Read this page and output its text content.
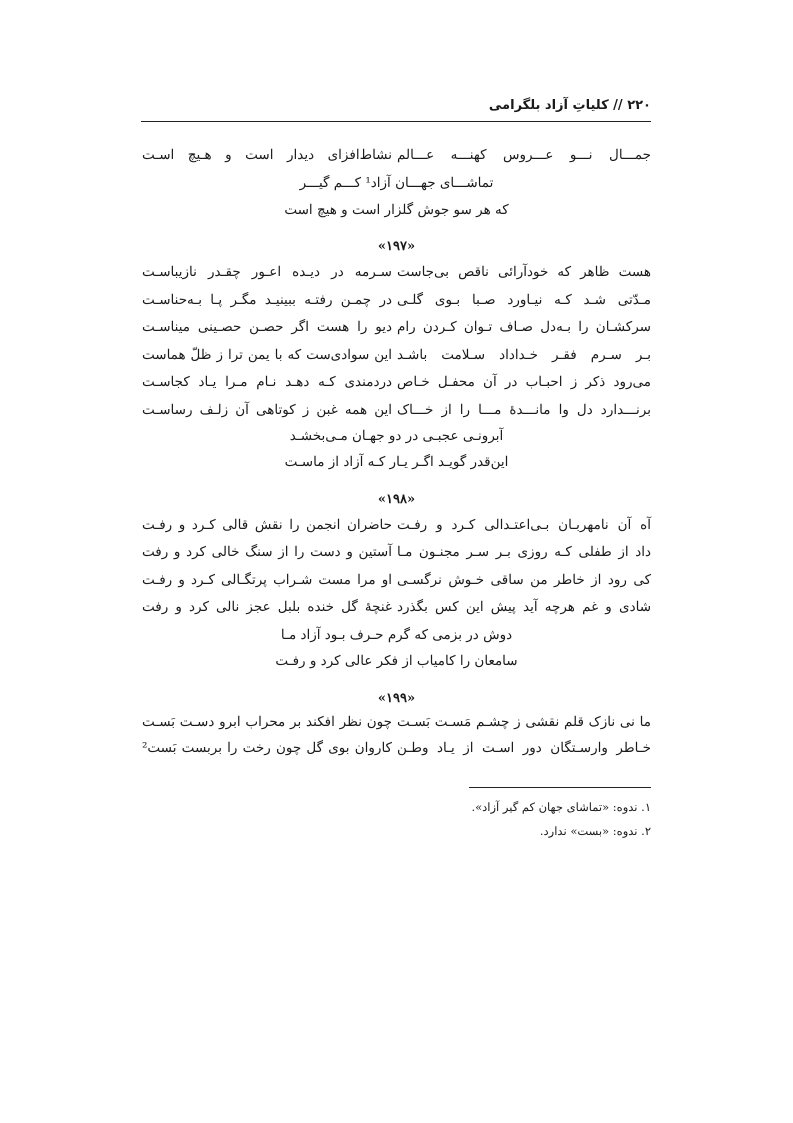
۲۲۰ // کلیاتِ آزاد بلگرامی
جمـــال نـــو عـــروس کهنـــه عـــالم
نشاط‌افزای دیدار است و هـیچ اسـت
تماشـــای جهـــان آزاد¹ کـــم گیـــر
که هر سو جوش گلزار است و هیچ است
«۱۹۷»
هست ظاهر که خودآرائی ناقص بی‌جاست
سـرمه در دیـده اعـور چقـدر نازیباسـت
مـدّتی شـد کـه نیـاورد صـبا بـوی گلـی
در چمـن رفتـه ببینیـد مگـر پـا بـه‌حناسـت
سرکشـان را بـه‌دل صـاف تـوان کـردن رام
دیو را هست اگر حصـن حصـینی میناسـت
بـر سـرم فقـر خـداداد سـلامت باشـد
این سوادی‌ست که با یمن ترا ز ظلّ هماست
می‌رود ذکر ز احبـاب در آن محفـل خـاص
دردمندی کـه دهـد نـام مـرا یـاد کجاسـت
برنـــدارد دل وا مانـــدۀ مـــا را از خـــاک
این همه غبن ز کوتاهی آن زلـف رساسـت
آبرونـی عجبـی در دو جهـان مـی‌بخشـد
این‌قدر گویـد اگـر یـار کـه آزاد از ماسـت
«۱۹۸»
آه آن نامهربـان بـی‌اعتـدالی کـرد و رفـت
حاضران انجمن را نقش قالی کـرد و رفـت
داد از طفلی کـه روزی بـر سـر مجنـون مـا
آستین و دست را از سنگ خالی کرد و رفت
کی رود از خاطر من ساقی خـوش نرگسـی
او مرا مست شـراب پرتگـالی کـرد و رفـت
شادی و غم هرچه آید پیش این کس بگذرد
غنچۀ گل خنده بلبل عجز نالی کرد و رفت
دوش در بزمی که گرم حـرف بـود آزاد مـا
سامعان را کامیاب از فکر عالی کرد و رفـت
«۱۹۹»
ما نی نازک قلم نقشی ز چشـم مَسـت بَسـت
چون نظر افکند بر محراب ابرو دسـت بَسـت
خـاطر وارسـتگان دور اسـت از یـاد وطـن
کاروان بوی گل چون رخت را بربست بَست²
۱. ندوه: «تماشای جهان کم گیر آزاد».
۲. ندوه: «بست» ندارد.
